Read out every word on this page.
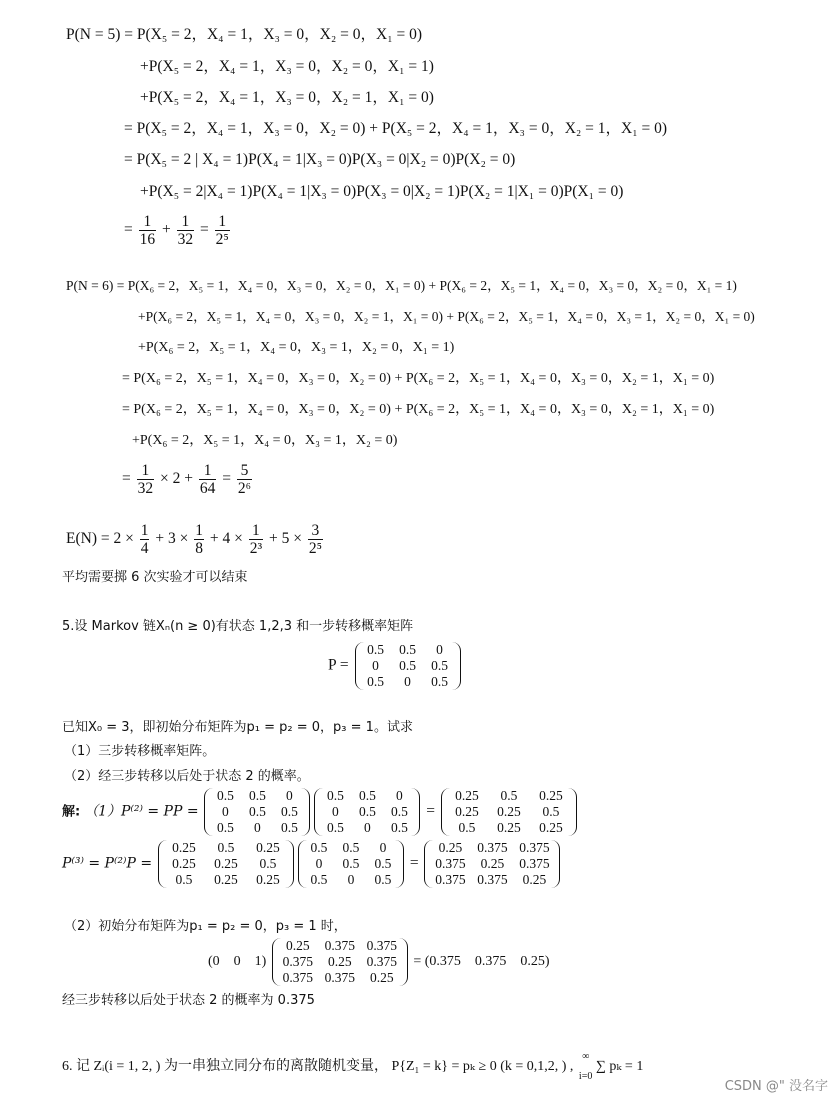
P(N = 5) = P(X₅ = 2，X₄ = 1，X₃ = 0，X₂ = 0，X₁ = 0)
+P(X₅ = 2，X₄ = 1，X₃ = 0，X₂ = 0，X₁ = 1)
+P(X₅ = 2，X₄ = 1，X₃ = 0，X₂ = 1，X₁ = 0)
= P(X₅ = 2，X₄ = 1，X₃ = 0，X₂ = 0) + P(X₅ = 2，X₄ = 1，X₃ = 0，X₂ = 1，X₁ = 0)
= P(X₅ = 2 | X₄ = 1)P(X₄ = 1|X₃ = 0)P(X₃ = 0|X₂ = 0)P(X₂ = 0)
+P(X₅ = 2|X₄ = 1)P(X₄ = 1|X₃ = 0)P(X₃ = 0|X₂ = 1)P(X₂ = 1|X₁ = 0)P(X₁ = 0)
= $\frac{1}{16} + \frac{1}{32} = \frac{1}{\text{2⁵}}$
P(N = 6) = P(X₆ = 2，X₅ = 1，X₄ = 0，X₃ = 0，X₂ = 0，X₁ = 0) + P(X₆ = 2，X₅ = 1，X₄ = 0，X₃ = 0，X₂ = 0，X₁ = 1)
+P(X₆ = 2，X₅ = 1，X₄ = 0，X₃ = 0，X₂ = 1，X₁ = 0) + P(X₆ = 2，X₅ = 1，X₄ = 0，X₃ = 1，X₂ = 0，X₁ = 0)
+P(X₆ = 2，X₅ = 1，X₄ = 0，X₃ = 1，X₂ = 0，X₁ = 1)
= P(X₆ = 2，X₅ = 1，X₄ = 0，X₃ = 0，X₂ = 0) + P(X₆ = 2，X₅ = 1，X₄ = 0，X₃ = 0，X₂ = 1，X₁ = 0)
= P(X₆ = 2，X₅ = 1，X₄ = 0，X₃ = 0，X₂ = 0) + P(X₆ = 2，X₅ = 1，X₄ = 0，X₃ = 0，X₂ = 1，X₁ = 0)
+P(X₆ = 2，X₅ = 1，X₄ = 0，X₃ = 1，X₂ = 0)
= $\frac{1}{32} \times 2 + \frac{1}{64} = \frac{5}{\text{2⁶}}$
$E(N) = 2 \times \frac{1}{4} + 3 \times \frac{1}{8} + 4 \times \frac{1}{\text{2³}} + 5 \times \frac{3}{\text{2⁵}}$
平均需要掷 6 次实验才可以结束
5.设 Markov 链Xₙ(n ≥ 0)有状态 1,2,3 和一步转移概率矩阵
P =
0.5	0.5	0
0	0.5	0.5
0.5	0	0.5
已知X₀ = 3，即初始分布矩阵为p₁ = p₂ = 0，p₃ = 1。试求
（1）三步转移概率矩阵。
（2）经三步转移以后处于状态 2 的概率。
解: （1）P⁽²⁾ = PP =
0.5	0.5	0
0	0.5	0.5
0.5	0	0.5
0.5	0.5	0
0	0.5	0.5
0.5	0	0.5
=
0.25	0.5	0.25
0.25	0.25	0.5
0.5	0.25	0.25
P⁽³⁾ = P⁽²⁾P =
0.25	0.5	0.25
0.25	0.25	0.5
0.5	0.25	0.25
0.5	0.5	0
0	0.5	0.5
0.5	0	0.5
=
0.25	0.375 0.375
0.375	0.25	0.375
0.375 0.375	0.25
（2）初始分布矩阵为p₁ = p₂ = 0，p₃ = 1 时，
(0    0    1)
0.25	0.375 0.375
0.375	0.25	0.375
0.375 0.375	0.25
= (0.375    0.375    0.25)
经三步转移以后处于状态 2 的概率为 0.375
6. 记 Zᵢ(i = 1, 2, ) 为一串独立同分布的离散随机变量， P{Z₁ = k} = pₖ ≥ 0 (k = 0,1,2, ) ,
∞

i=0
∑ pₖ = 1
CSDN @" 没名字
